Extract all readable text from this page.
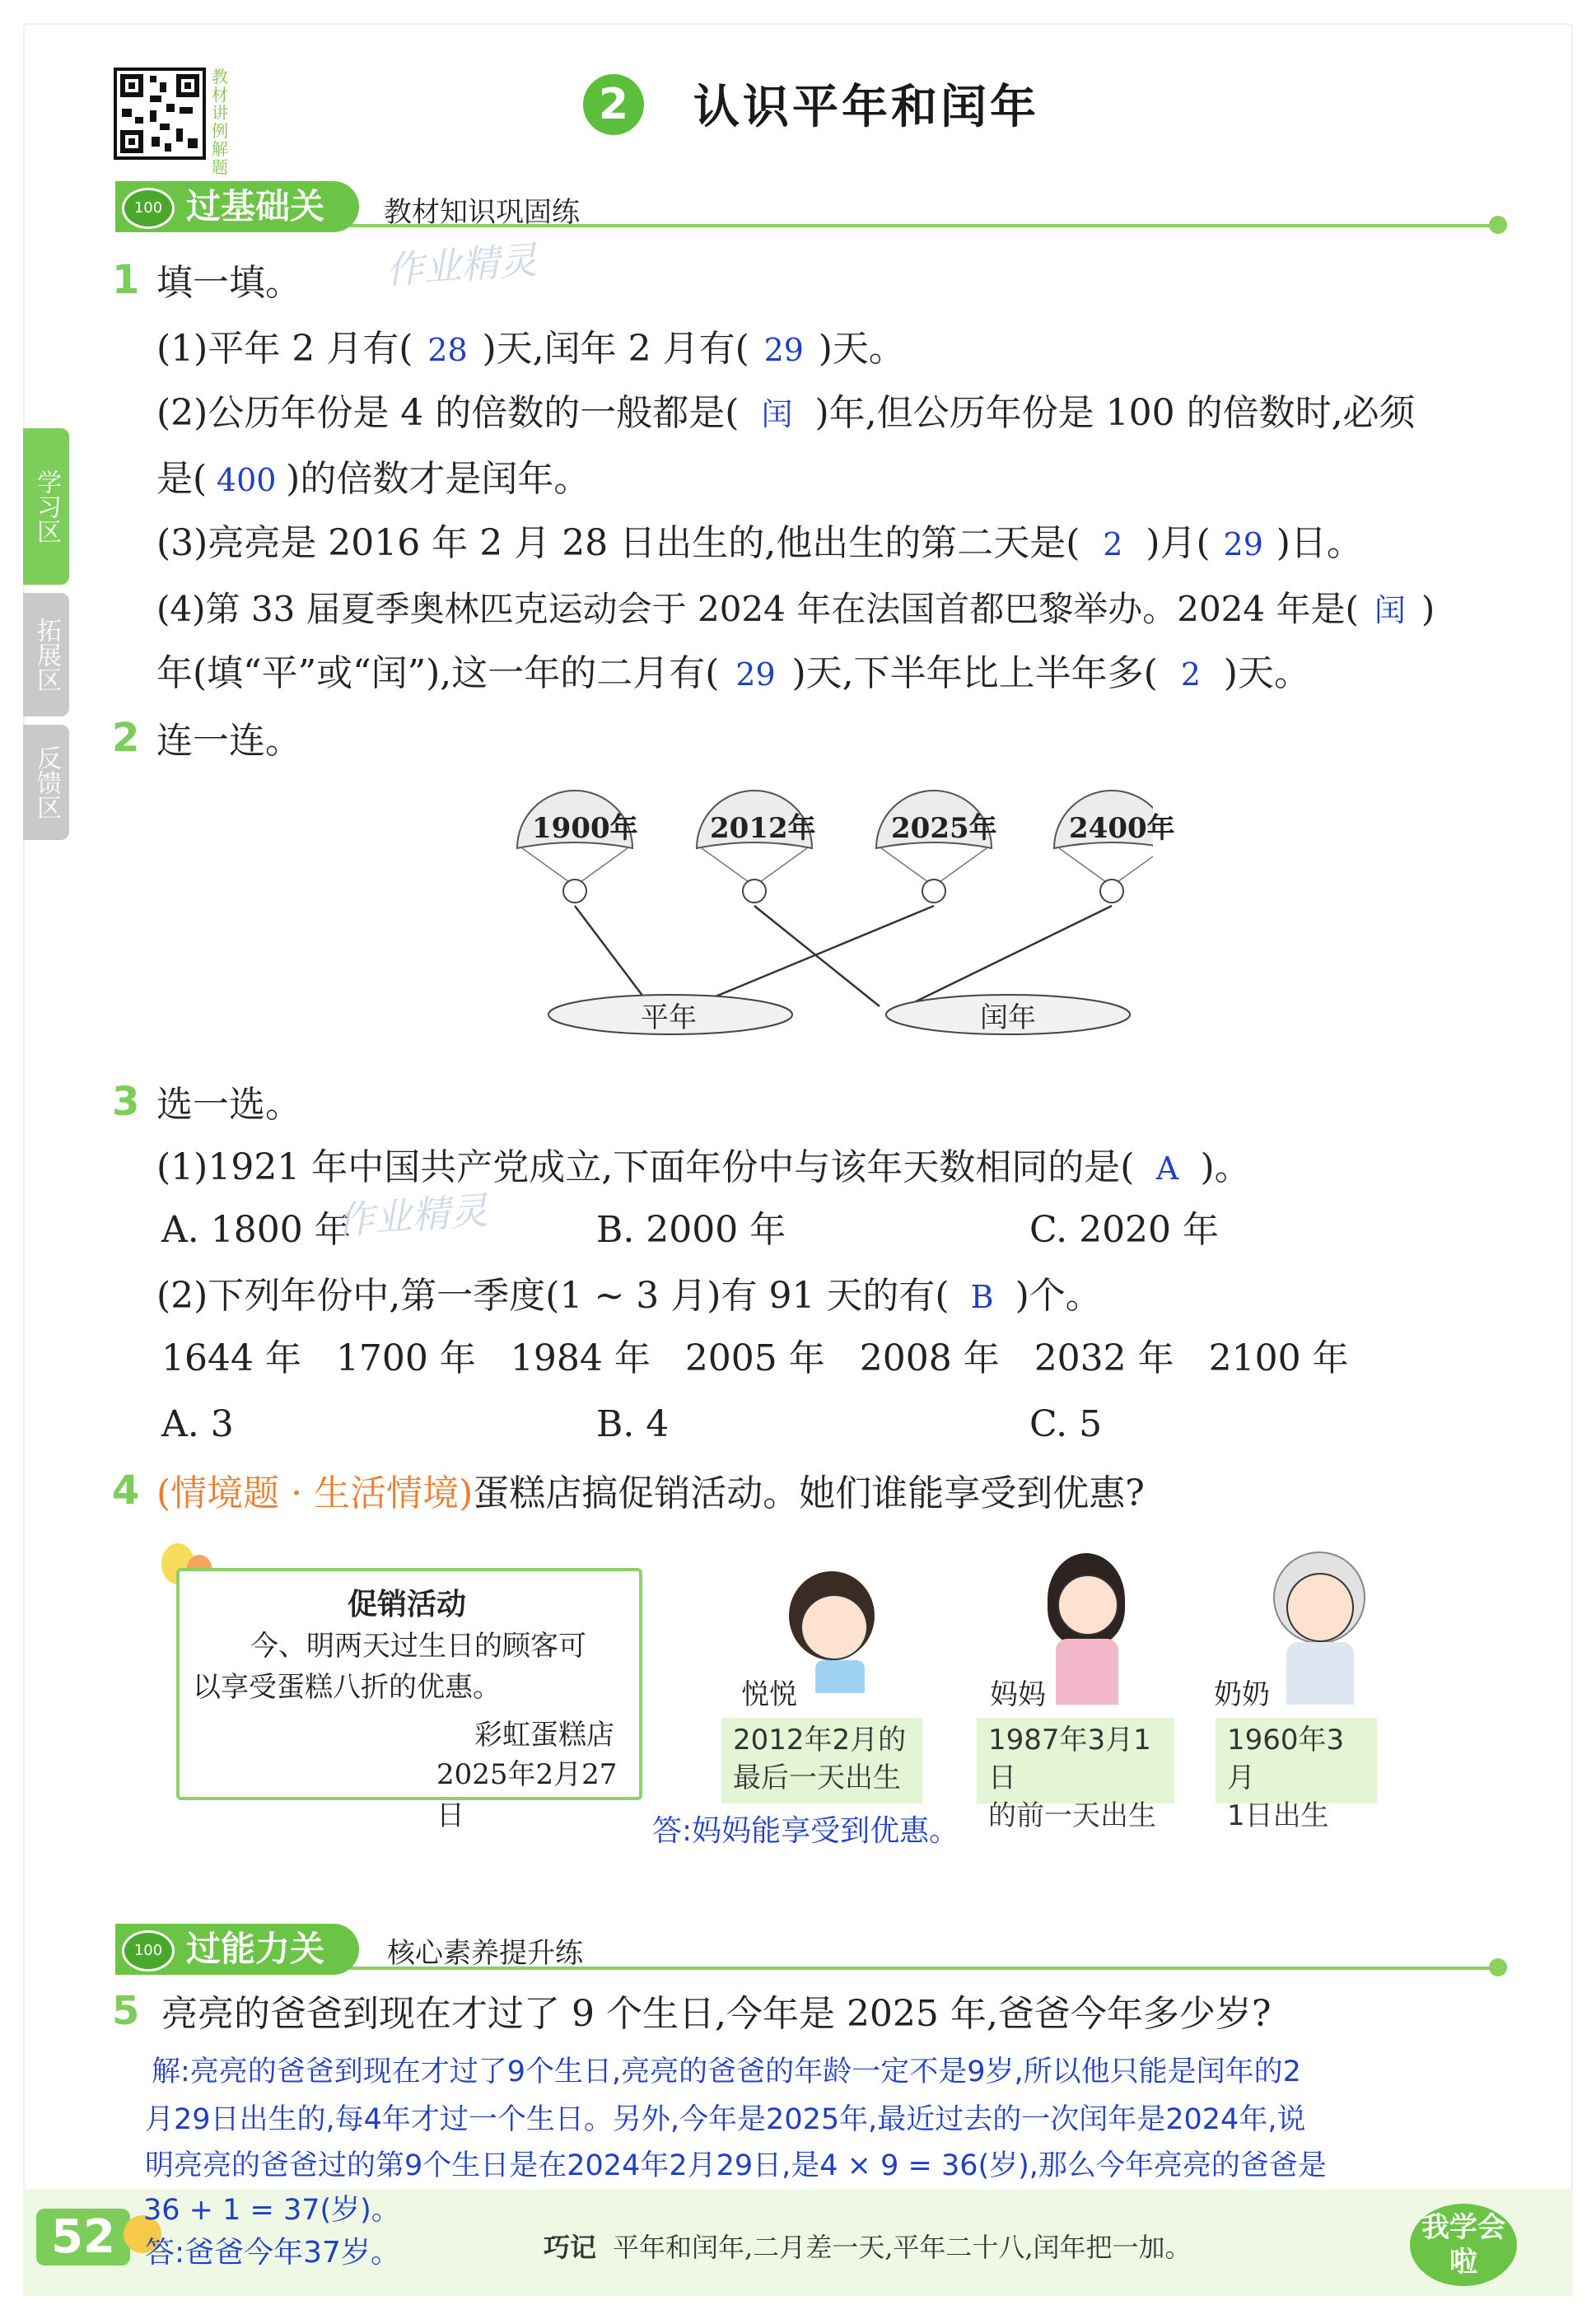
教材讲例解题
2	认识平年和闰年
过基础关
100	教材知识巩固练
作业精灵
学习区
拓展区
反馈区
1 填一填。
(1)平年 2 月有( 28 )天,闰年 2 月有( 29 )天。
(2)公历年份是 4 的倍数的一般都是( 闰 )年,但公历年份是 100 的倍数时,必须
是( 400 )的倍数才是闰年。
(3)亮亮是 2016 年 2 月 28 日出生的,他出生的第二天是( 2 )月( 29 )日。
(4)第 33 届夏季奥林匹克运动会于 2024 年在法国首都巴黎举办。2024 年是( 闰 )
年(填“平”或“闰”),这一年的二月有( 29 )天,下半年比上半年多( 2 )天。
2 连一连。
1900年	2012年	2025年	2400年
平年	闰年
3 选一选。
(1)1921 年中国共产党成立,下面年份中与该年天数相同的是( A )。
A. 1800 年	B. 2000 年	C. 2020 年
作业精灵
(2)下列年份中,第一季度(1 ~ 3 月)有 91 天的有( B )个。
1644 年 1700 年 1984 年 2005 年 2008 年 2032 年 2100 年
A. 3	B. 4	C. 5
4 (情境题 · 生活情境)蛋糕店搞促销活动。她们谁能享受到优惠?
促销活动
今、明两天过生日的顾客可
以享受蛋糕八折的优惠。
彩虹蛋糕店
2025年2月27日
悦悦
2012年2月的
最后一天出生
妈妈
1987年3月1日
的前一天出生
奶奶
1960年3月
1日出生
答:妈妈能享受到优惠。
过能力关
100	核心素养提升练
5 亮亮的爸爸到现在才过了 9 个生日,今年是 2025 年,爸爸今年多少岁?
解:亮亮的爸爸到现在才过了9个生日,亮亮的爸爸的年龄一定不是9岁,所以他只能是闰年的2
月29日出生的,每4年才过一个生日。另外,今年是2025年,最近过去的一次闰年是2024年,说
明亮亮的爸爸过的第9个生日是在2024年2月29日,是4 × 9 = 36(岁),那么今年亮亮的爸爸是
36 + 1 = 37(岁)。
52	答:爸爸今年37岁。	巧记 平年和闰年,二月差一天,平年二十八,闰年把一加。
我学会啦
